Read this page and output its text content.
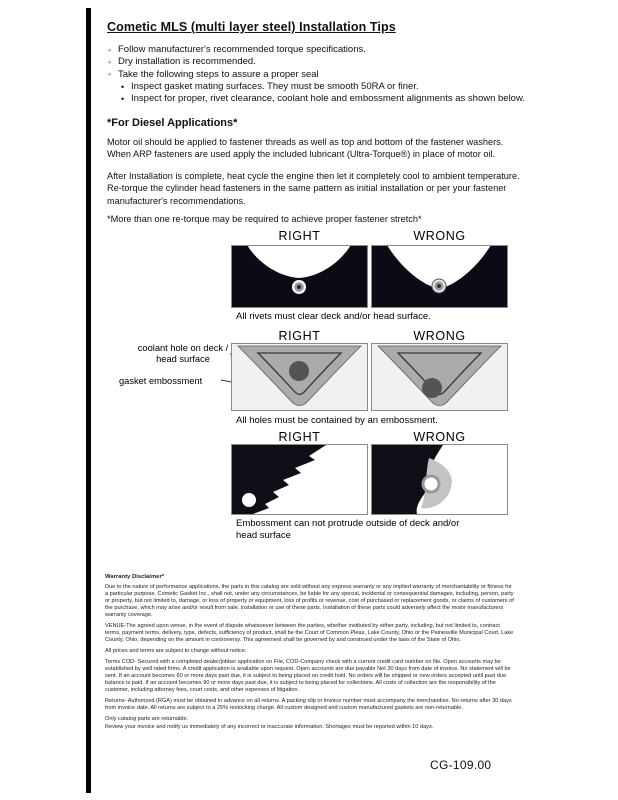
Cometic MLS (multi layer steel) Installation Tips
◦ Follow manufacturer's recommended torque specifications.
◦ Dry installation is recommended.
◦ Take the following steps to assure a proper seal
• Inspect gasket mating surfaces. They must be smooth 50RA or finer.
• Inspect for proper, rivet clearance, coolant hole and embossment alignments as shown below.
*For Diesel Applications*

Motor oil should be applied to fastener threads as well as top and bottom of the fastener washers. When ARP fasteners are used apply the included lubricant (Ultra-Torque®) in place of motor oil.

After Installation is complete, heat cycle the engine then let it completely cool to ambient temperature. Re-torque the cylinder head fasteners in the same pattern as initial installation or per your fastener manufacturer's recommendations.

*More than one re-torque may be required to achieve proper fastener stretch*

RIGHT	WRONG
All rivets must clear deck and/or head surface.
RIGHT	WRONG
coolant hole on deck / head surface
gasket embossment
All holes must be contained by an embossment.
RIGHT	WRONG
Embossment can not protrude outside of deck and/or head surface

Warranty Disclaimer*

Due to the nature of performance applications, the parts in this catalog are sold without any express warranty or any implied warranty of merchantability or fitness for a particular purpose. Cometic Gasket Inc., shall not, under any circumstances, be liable for any special, incidental or consequential damages, including, person, party or property, but not limited to, damage, or loss of property or equipment, loss of profits or revenue, cost of purchased or replacement goods, or claims of customers of the purchase, which may arise and/or result from sale, installation or use of these parts. Installation of these parts could adversely affect the motor manufacturers warranty coverage.

VENUE-The agreed upon venue, in the event of dispute whatsoever between the parties, whether instituted by either party, including, but not limited to, contract terms, payment terms, delivery, type, defects, sufficiency of product, shall be the Court of Common Pleas, Lake County, Ohio or the Painesville Municipal Court, Lake County, Ohio, depending on the amount in controversy. This agreement shall be governed by and construed under the laws of the State of Ohio.

All prices and terms are subject to change without notice.

Terms COD- Secured with a completed dealer/jobber application on File, COD-Company check with a current credit card number on file. Open accounts may be established by well rated firms. A credit application is available upon request. Open accounts are due payable Net 30 days from date of invoice. No statement will be sent. If an account becomes 60 or more days past due, it is subject to being placed on credit hold. No orders will be shipped or new orders accepted until past due balance is paid. If an account becomes 90 or more days past due, it is subject to being placed for collections. All costs of collection are the responsibility of the customer, including attorney fees, court costs, and other expenses of litigation.

Returns- Authorized (RGA) must be obtained in advance on all returns. A packing slip or invoice number must accompany the merchandise. No returns after 30 days from invoice date. All returns are subject to a 25% restocking charge. All custom designed and custom manufactured gaskets are non-returnable.

Only catalog parts are returnable.

Review your invoice and notify us immediately of any incorrect or inaccurate information. Shortages must be reported within 10 days.

CG-109.00
